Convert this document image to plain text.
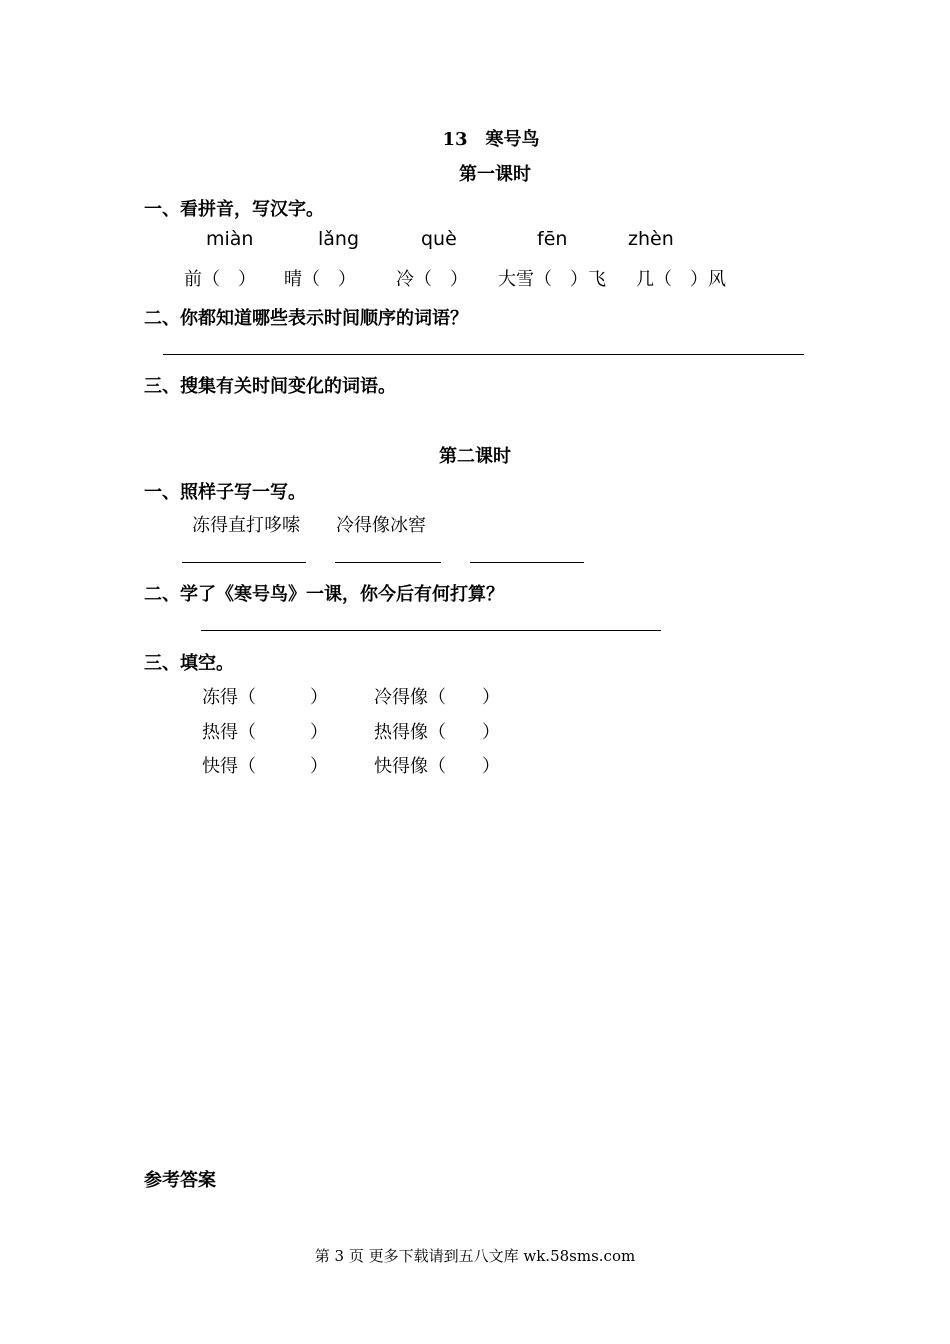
13　寒号鸟
第一课时
一、看拼音，写汉字。
miàn	lǎng	què	fēn	zhèn
前（　） 晴（　） 冷（　） 大雪（　）飞 几（　）风
二、你都知道哪些表示时间顺序的词语？
三、搜集有关时间变化的词语。
第二课时
一、照样子写一写。
冻得直打哆嗦 冷得像冰窖
二、学了《寒号鸟》一课，你今后有何打算？
三、填空。
冻得（　　　）	冷得像（　　）
热得（　　　）	热得像（　　）
快得（　　　）	快得像（　　）
参考答案
第 3 页 更多下载请到五八文库 wk.58sms.com
